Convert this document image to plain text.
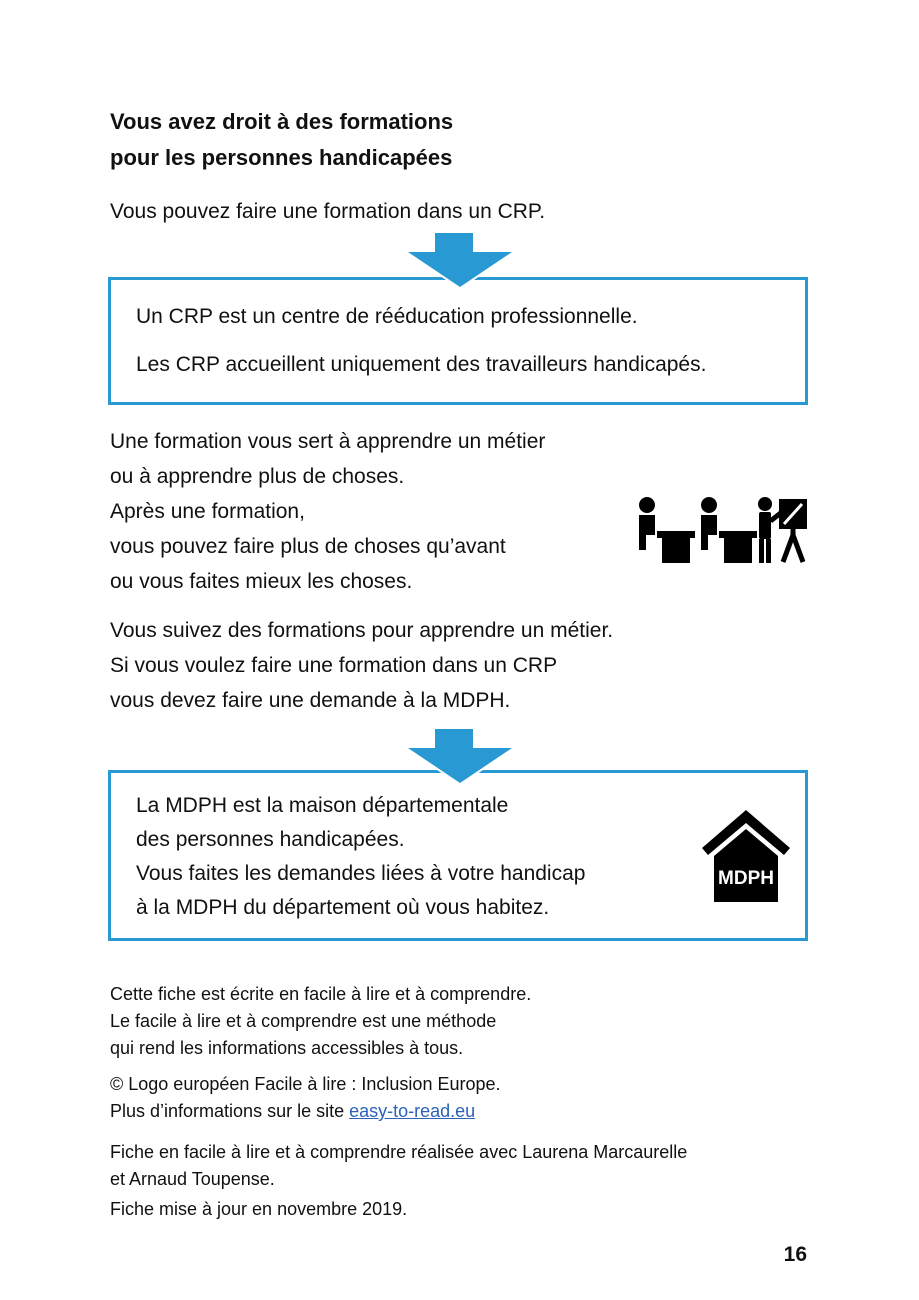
Vous avez droit à des formations
pour les personnes handicapées
Vous pouvez faire une formation dans un CRP.
Un CRP est un centre de rééducation professionnelle.
Les CRP accueillent uniquement des travailleurs handicapés.
Une formation vous sert à apprendre un métier
ou à apprendre plus de choses.
Après une formation,
vous pouvez faire plus de choses qu’avant
ou vous faites mieux les choses.
Vous suivez des formations pour apprendre un métier.
Si vous voulez faire une formation dans un CRP
vous devez faire une demande à la MDPH.
La MDPH est la maison départementale
des personnes handicapées.
Vous faites les demandes liées à votre handicap
à la MDPH du département où vous habitez.
MDPH
Cette fiche est écrite en facile à lire et à comprendre.
Le facile à lire et à comprendre est une méthode
qui rend les informations accessibles à tous.
© Logo européen Facile à lire : Inclusion Europe.
Plus d’informations sur le site easy-to-read.eu
Fiche en facile à lire et à comprendre réalisée avec Laurena Marcaurelle
et Arnaud Toupense.
Fiche mise à jour en novembre 2019.
16
